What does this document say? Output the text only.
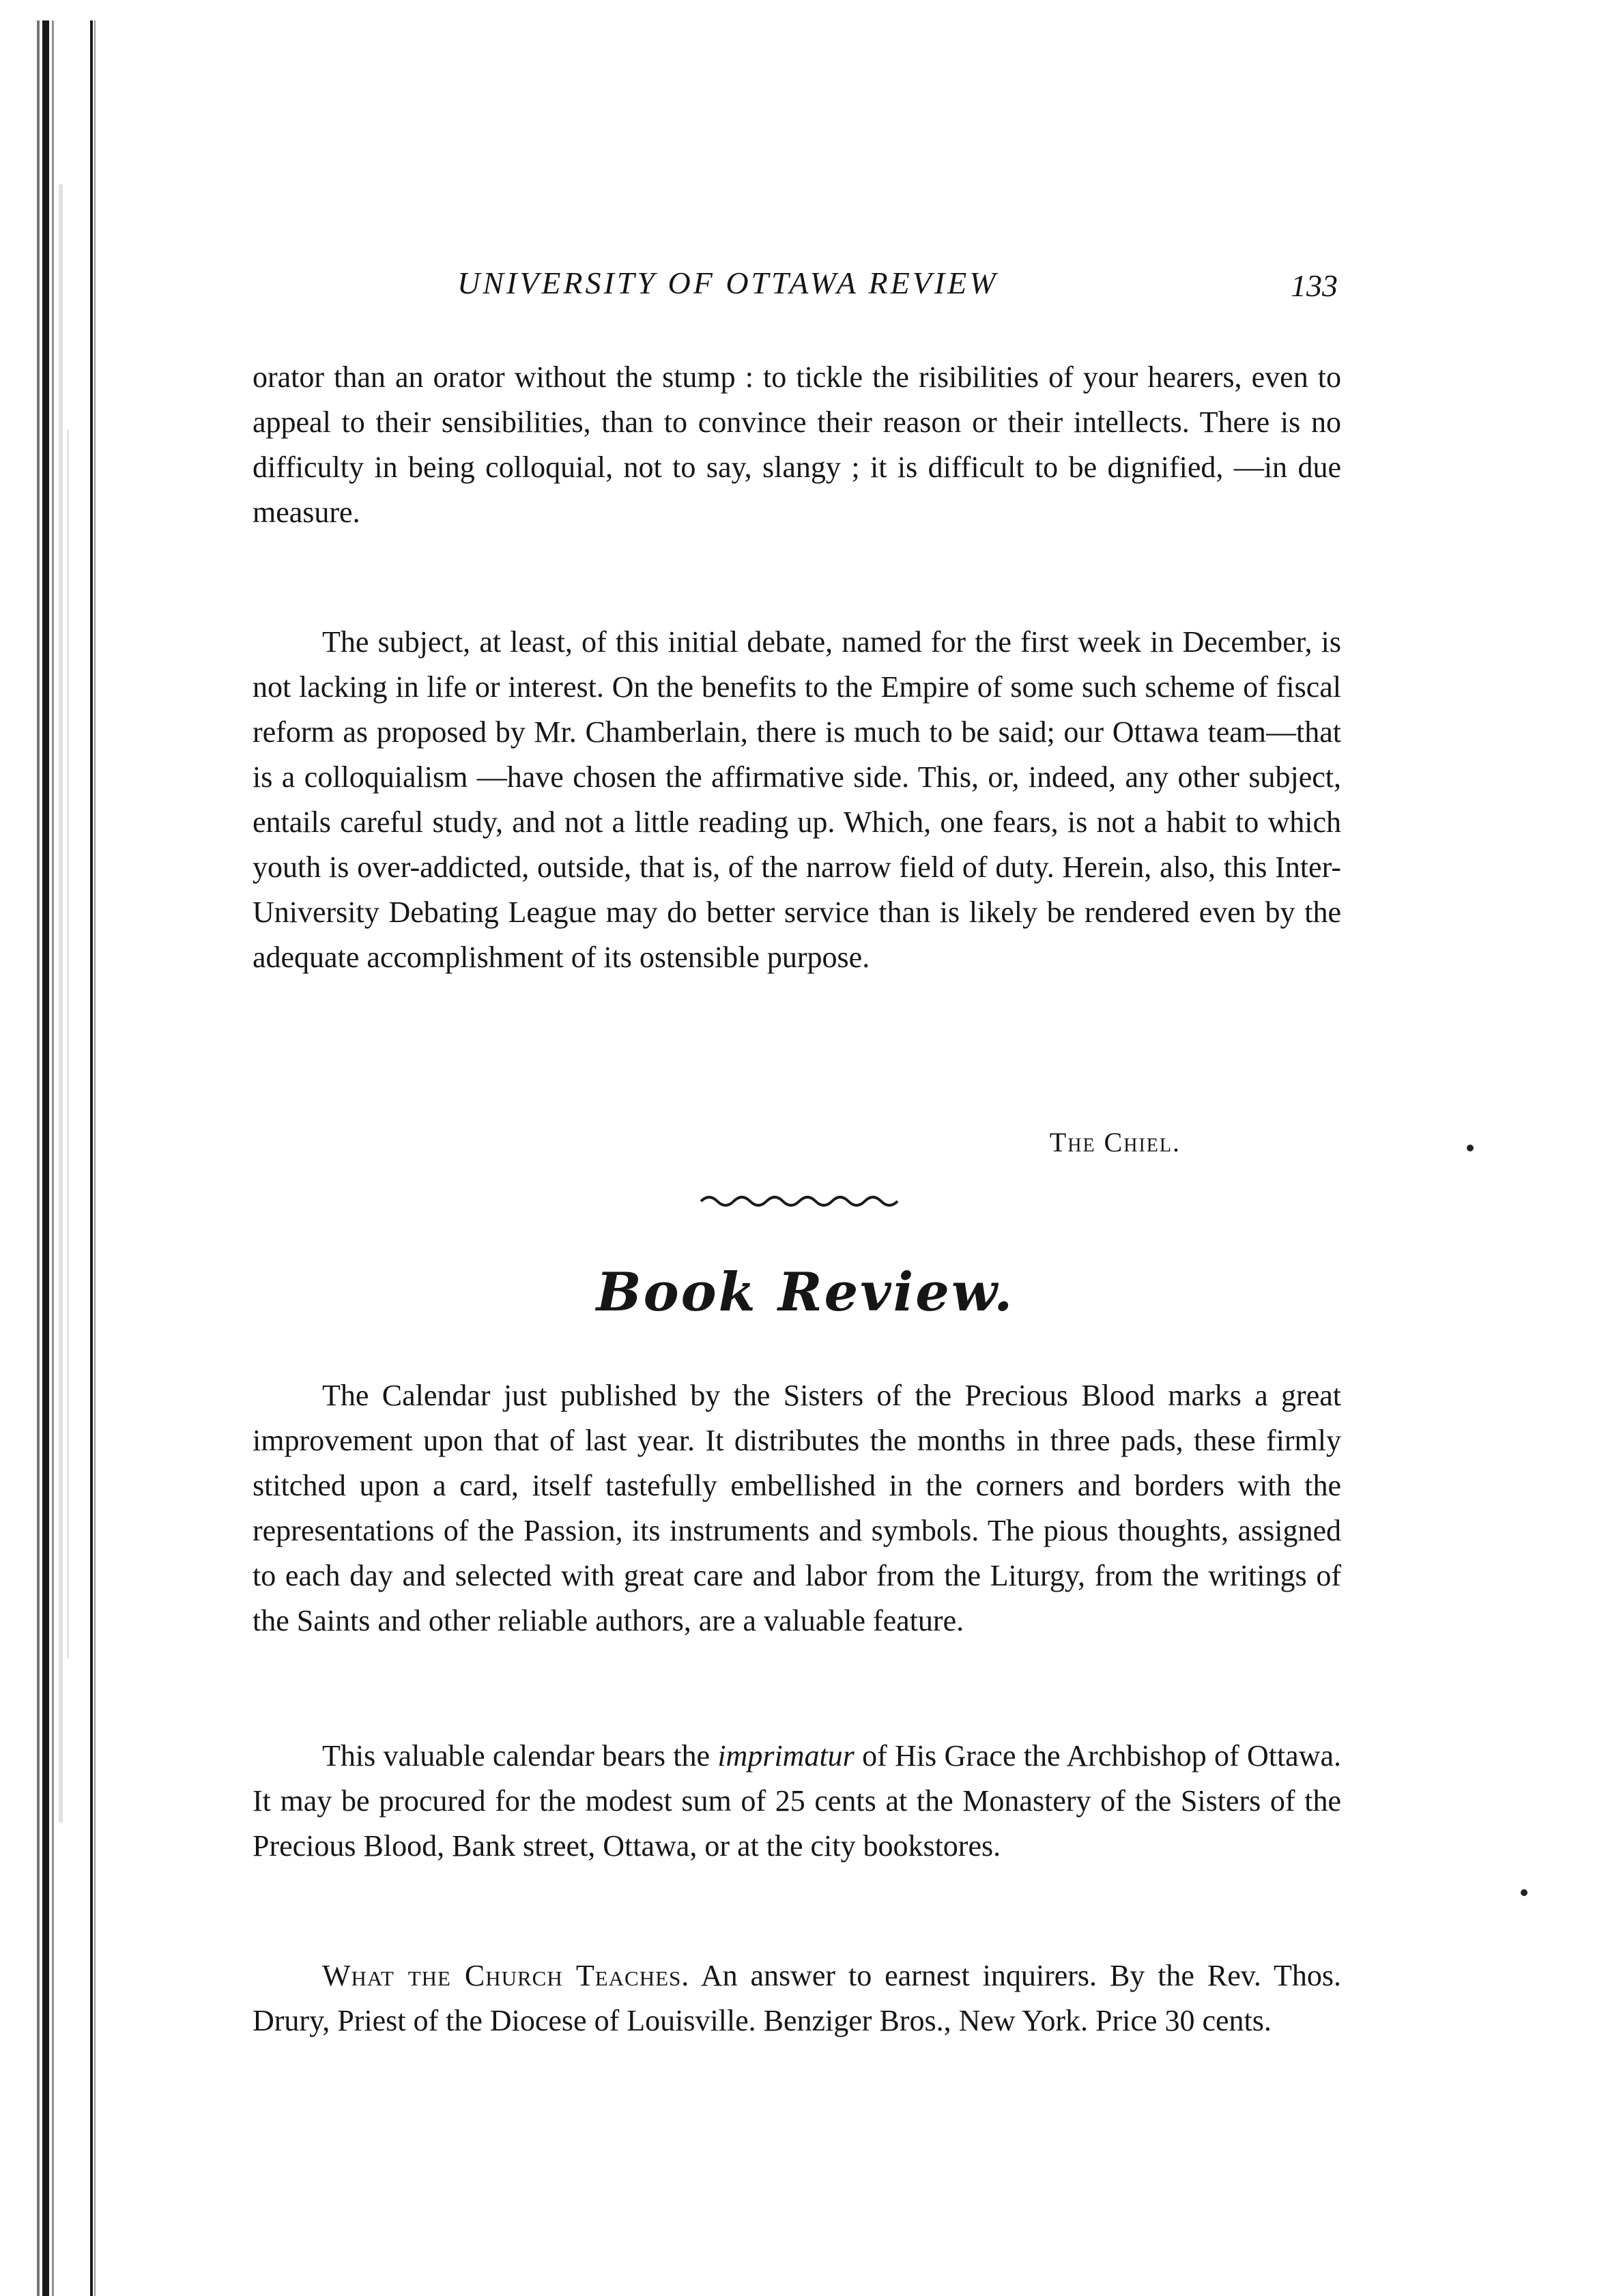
UNIVERSITY OF OTTAWA REVIEW	133

orator than an orator without the stump : to tickle the risibilities of your hearers, even to appeal to their sensibilities, than to convince their reason or their intellects. There is no difficulty in being colloquial, not to say, slangy ; it is difficult to be dignified, —in due measure.

The subject, at least, of this initial debate, named for the first week in December, is not lacking in life or interest. On the benefits to the Empire of some such scheme of fiscal reform as proposed by Mr. Chamberlain, there is much to be said; our Ottawa team—that is a colloquialism —have chosen the affirmative side. This, or, indeed, any other subject, entails careful study, and not a little reading up. Which, one fears, is not a habit to which youth is over-addicted, outside, that is, of the narrow field of duty. Herein, also, this Inter-University Debating League may do better service than is likely be rendered even by the adequate accomplishment of its ostensible purpose.

The Chiel.
Book Review.

The Calendar just published by the Sisters of the Precious Blood marks a great improvement upon that of last year. It distributes the months in three pads, these firmly stitched upon a card, itself tastefully embellished in the corners and borders with the representations of the Passion, its instruments and symbols. The pious thoughts, assigned to each day and selected with great care and labor from the Liturgy, from the writings of the Saints and other reliable authors, are a valuable feature.

This valuable calendar bears the imprimatur of His Grace the Archbishop of Ottawa. It may be procured for the modest sum of 25 cents at the Monastery of the Sisters of the Precious Blood, Bank street, Ottawa, or at the city bookstores.

What the Church Teaches. An answer to earnest inquirers. By the Rev. Thos. Drury, Priest of the Diocese of Louisville. Benziger Bros., New York. Price 30 cents.
